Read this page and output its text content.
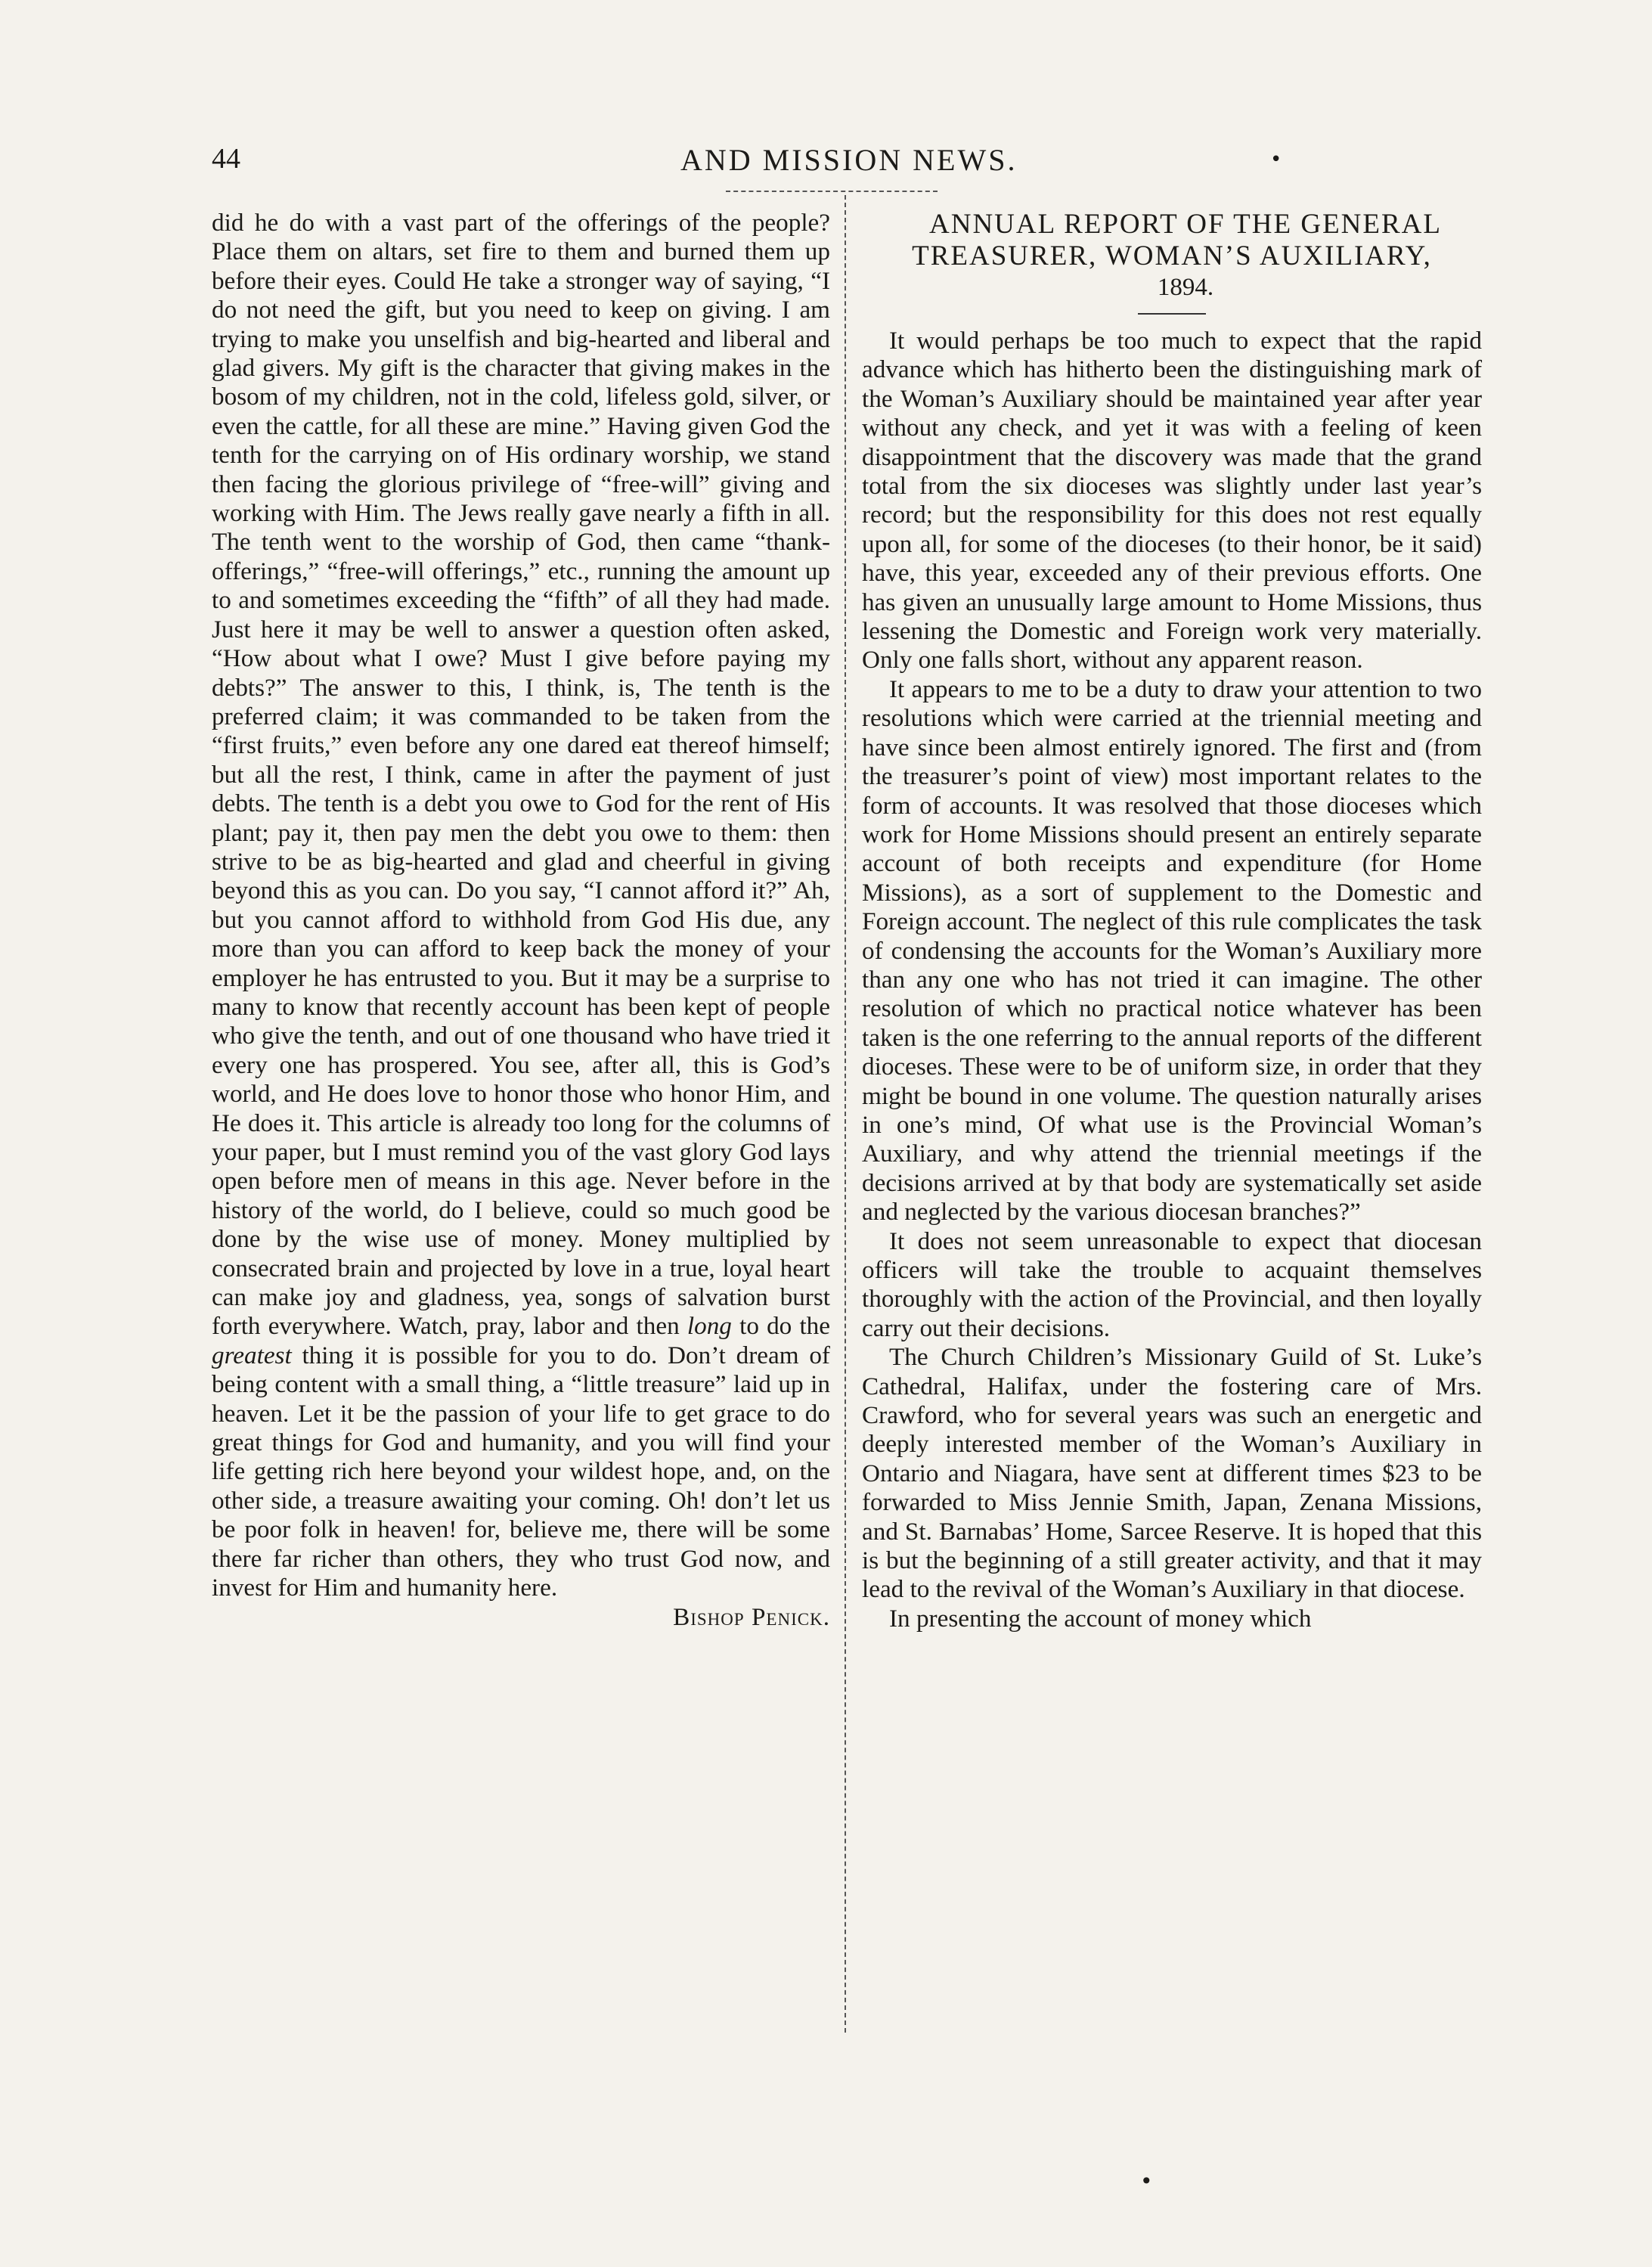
44	AND MISSION NEWS.	•

did he do with a vast part of the offerings of the people? Place them on altars, set fire to them and burned them up before their eyes. Could He take a stronger way of saying, “I do not need the gift, but you need to keep on giving. I am trying to make you unselfish and big-hearted and liberal and glad givers. My gift is the character that giving makes in the bosom of my children, not in the cold, lifeless gold, silver, or even the cattle, for all these are mine.” Having given God the tenth for the carrying on of His ordinary worship, we stand then facing the glorious privilege of “free-will” giving and working with Him. The Jews really gave nearly a fifth in all. The tenth went to the worship of God, then came “thank-offerings,” “free-will offerings,” etc., running the amount up to and sometimes exceeding the “fifth” of all they had made. Just here it may be well to answer a question often asked, “How about what I owe? Must I give before paying my debts?” The answer to this, I think, is, The tenth is the preferred claim; it was commanded to be taken from the “first fruits,” even before any one dared eat thereof himself; but all the rest, I think, came in after the payment of just debts. The tenth is a debt you owe to God for the rent of His plant; pay it, then pay men the debt you owe to them: then strive to be as big-hearted and glad and cheerful in giving beyond this as you can. Do you say, “I cannot afford it?” Ah, but you cannot afford to withhold from God His due, any more than you can afford to keep back the money of your employer he has entrusted to you. But it may be a surprise to many to know that recently account has been kept of people who give the tenth, and out of one thousand who have tried it every one has prospered. You see, after all, this is God’s world, and He does love to honor those who honor Him, and He does it. This article is already too long for the columns of your paper, but I must remind you of the vast glory God lays open before men of means in this age. Never before in the history of the world, do I believe, could so much good be done by the wise use of money. Money multiplied by consecrated brain and projected by love in a true, loyal heart can make joy and gladness, yea, songs of salvation burst forth everywhere. Watch, pray, labor and then long to do the greatest thing it is possible for you to do. Don’t dream of being content with a small thing, a “little treasure” laid up in heaven. Let it be the passion of your life to get grace to do great things for God and humanity, and you will find your life getting rich here beyond your wildest hope, and, on the other side, a treasure awaiting your coming. Oh! don’t let us be poor folk in heaven! for, believe me, there will be some there far richer than others, they who trust God now, and invest for Him and humanity here.

Bishop Penick.

ANNUAL REPORT OF THE GENERAL TREASURER, WOMAN’S AUXILIARY,

1894.

It would perhaps be too much to expect that the rapid advance which has hitherto been the distinguishing mark of the Woman’s Auxiliary should be maintained year after year without any check, and yet it was with a feeling of keen disappointment that the discovery was made that the grand total from the six dioceses was slightly under last year’s record; but the responsibility for this does not rest equally upon all, for some of the dioceses (to their honor, be it said) have, this year, exceeded any of their previous efforts. One has given an unusually large amount to Home Missions, thus lessening the Domestic and Foreign work very materially. Only one falls short, without any apparent reason.

It appears to me to be a duty to draw your attention to two resolutions which were carried at the triennial meeting and have since been almost entirely ignored. The first and (from the treasurer’s point of view) most important relates to the form of accounts. It was resolved that those dioceses which work for Home Missions should present an entirely separate account of both receipts and expenditure (for Home Missions), as a sort of supplement to the Domestic and Foreign account. The neglect of this rule complicates the task of condensing the accounts for the Woman’s Auxiliary more than any one who has not tried it can imagine. The other resolution of which no practical notice whatever has been taken is the one referring to the annual reports of the different dioceses. These were to be of uniform size, in order that they might be bound in one volume. The question naturally arises in one’s mind, Of what use is the Provincial Woman’s Auxiliary, and why attend the triennial meetings if the decisions arrived at by that body are systematically set aside and neglected by the various diocesan branches?”

It does not seem unreasonable to expect that diocesan officers will take the trouble to acquaint themselves thoroughly with the action of the Provincial, and then loyally carry out their decisions.

The Church Children’s Missionary Guild of St. Luke’s Cathedral, Halifax, under the fostering care of Mrs. Crawford, who for several years was such an energetic and deeply interested member of the Woman’s Auxiliary in Ontario and Niagara, have sent at different times $23 to be forwarded to Miss Jennie Smith, Japan, Zenana Missions, and St. Barnabas’ Home, Sarcee Reserve. It is hoped that this is but the beginning of a still greater activity, and that it may lead to the revival of the Woman’s Auxiliary in that diocese.

In presenting the account of money which

•
